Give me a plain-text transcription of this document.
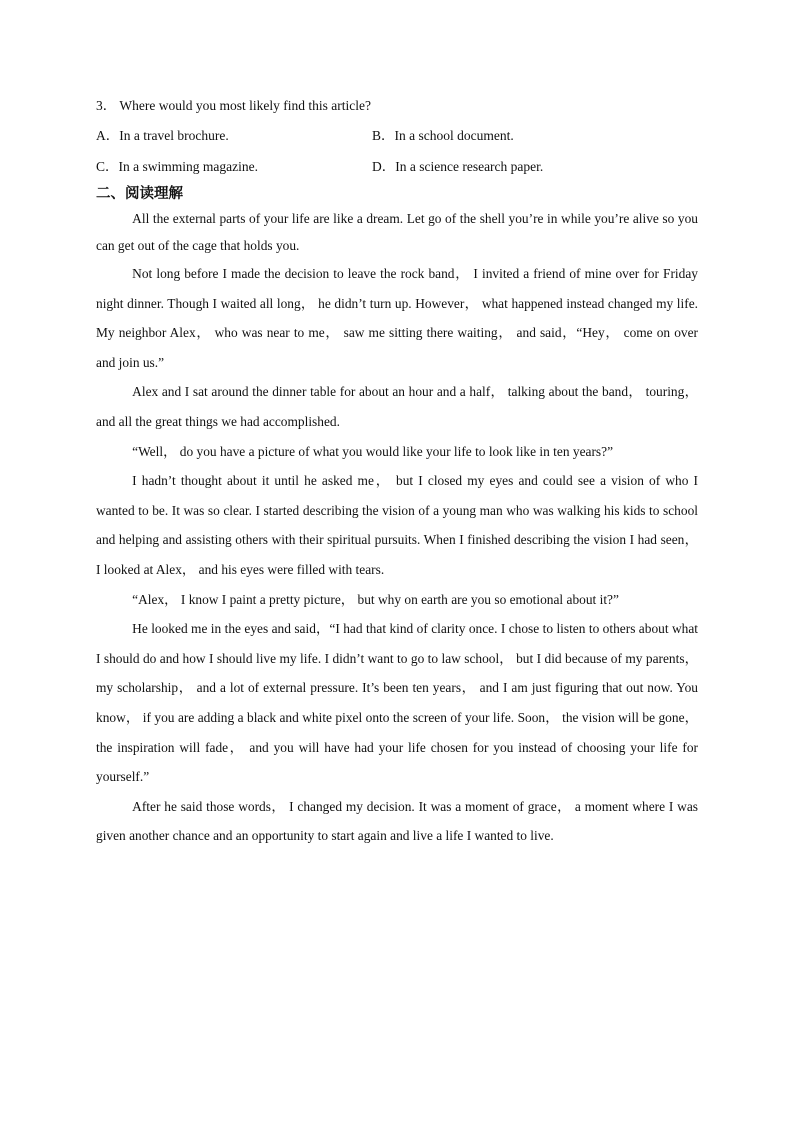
3． Where would you most likely find this article?
A．In a travel brochure.	B．In a school document.
C．In a swimming magazine.	D．In a science research paper.
二、阅读理解

All the external parts of your life are like a dream. Let go of the shell you’re in while you’re alive so you can get out of the cage that holds you.

Not long before I made the decision to leave the rock band， I invited a friend of mine over for Friday night dinner. Though I waited all long， he didn’t turn up. However， what happened instead changed my life. My neighbor Alex， who was near to me， saw me sitting there waiting， and said，“Hey， come on over and join us.”

Alex and I sat around the dinner table for about an hour and a half， talking about the band， touring， and all the great things we had accomplished.

“Well， do you have a picture of what you would like your life to look like in ten years?”

I hadn’t thought about it until he asked me， but I closed my eyes and could see a vision of who I wanted to be. It was so clear. I started describing the vision of a young man who was walking his kids to school and helping and assisting others with their spiritual pursuits. When I finished describing the vision I had seen， I looked at Alex， and his eyes were filled with tears.

“Alex， I know I paint a pretty picture， but why on earth are you so emotional about it?”

He looked me in the eyes and said，“I had that kind of clarity once. I chose to listen to others about what I should do and how I should live my life. I didn’t want to go to law school， but I did because of my parents， my scholarship， and a lot of external pressure. It’s been ten years， and I am just figuring that out now. You know， if you are adding a black and white pixel onto the screen of your life. Soon， the vision will be gone， the inspiration will fade， and you will have had your life chosen for you instead of choosing your life for yourself.”

After he said those words， I changed my decision. It was a moment of grace， a moment where I was given another chance and an opportunity to start again and live a life I wanted to live.
